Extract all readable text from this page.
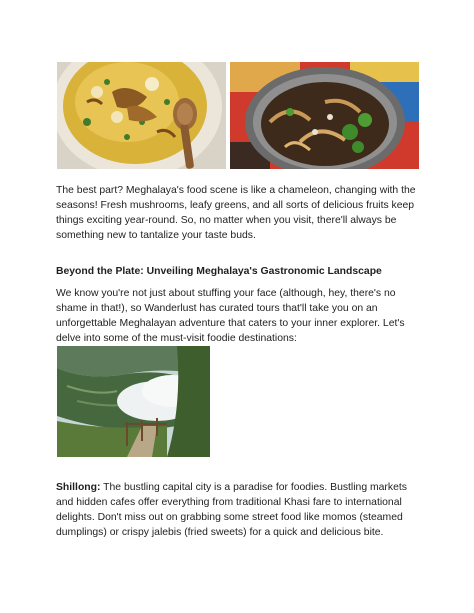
The best part? Meghalaya's food scene is like a chameleon, changing with the seasons! Fresh mushrooms, leafy greens, and all sorts of delicious fruits keep things exciting year-round. So, no matter when you visit, there'll always be something new to tantalize your taste buds.

Beyond the Plate: Unveiling Meghalaya's Gastronomic Landscape

We know you're not just about stuffing your face (although, hey, there's no shame in that!), so Wanderlust has curated tours that'll take you on an unforgettable Meghalayan adventure that caters to your inner explorer. Let's delve into some of the must-visit foodie destinations:

Shillong: The bustling capital city is a paradise for foodies. Bustling markets and hidden cafes offer everything from traditional Khasi fare to international delights. Don't miss out on grabbing some street food like momos (steamed dumplings) or crispy jalebis (fried sweets) for a quick and delicious bite.
